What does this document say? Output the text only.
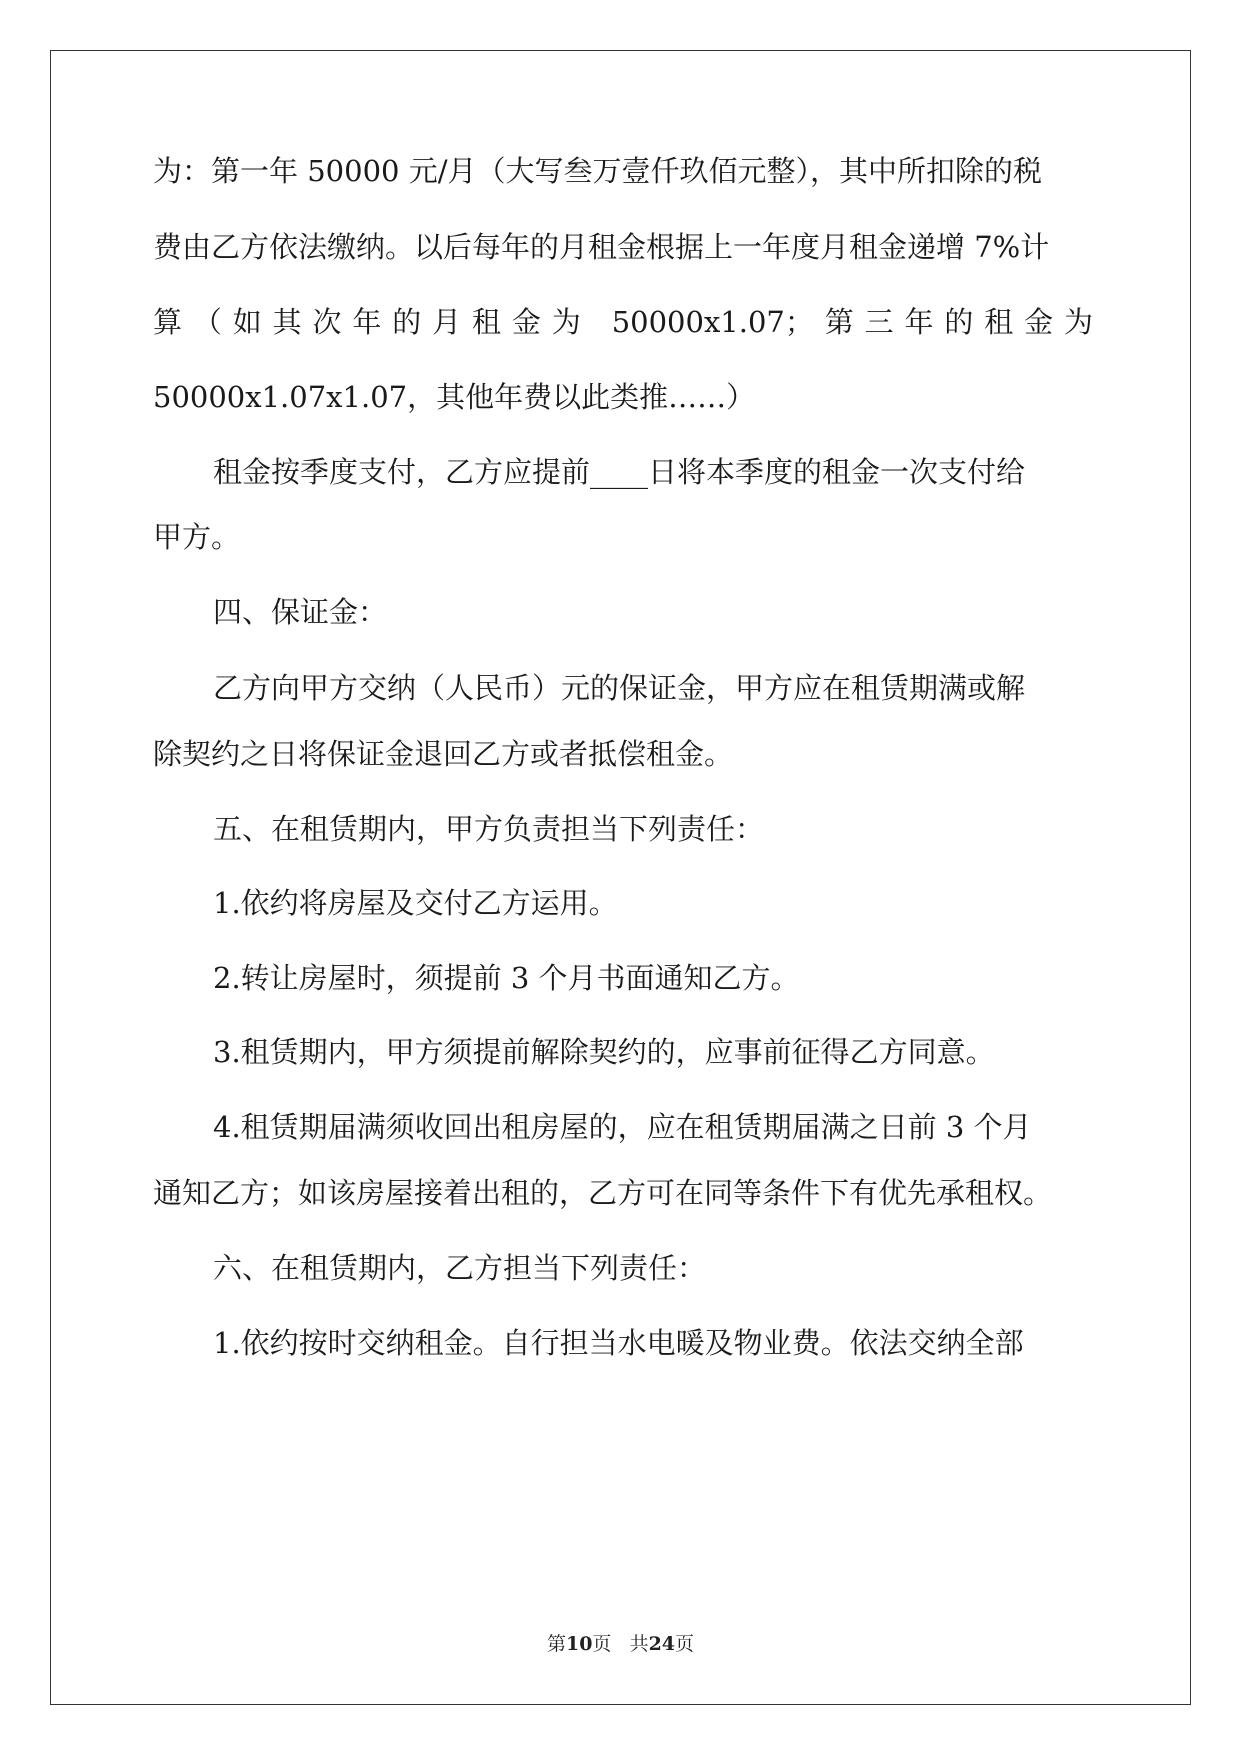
为：第一年 50000 元/月（大写叁万壹仟玖佰元整），其中所扣除的税
费由乙方依法缴纳。以后每年的月租金根据上一年度月租金递增 7%计
算（如其次年的月租金为 50000x1.07；第三年的租金为
50000x1.07x1.07，其他年费以此类推……）
租金按季度支付，乙方应提前____日将本季度的租金一次支付给
甲方。
四、保证金：
乙方向甲方交纳（人民币）元的保证金，甲方应在租赁期满或解
除契约之日将保证金退回乙方或者抵偿租金。
五、在租赁期内，甲方负责担当下列责任：
1.依约将房屋及交付乙方运用。
2.转让房屋时，须提前 3 个月书面通知乙方。
3.租赁期内，甲方须提前解除契约的，应事前征得乙方同意。
4.租赁期届满须收回出租房屋的，应在租赁期届满之日前 3 个月
通知乙方；如该房屋接着出租的，乙方可在同等条件下有优先承租权。
六、在租赁期内，乙方担当下列责任：
1.依约按时交纳租金。自行担当水电暖及物业费。依法交纳全部
第10页 共24页
